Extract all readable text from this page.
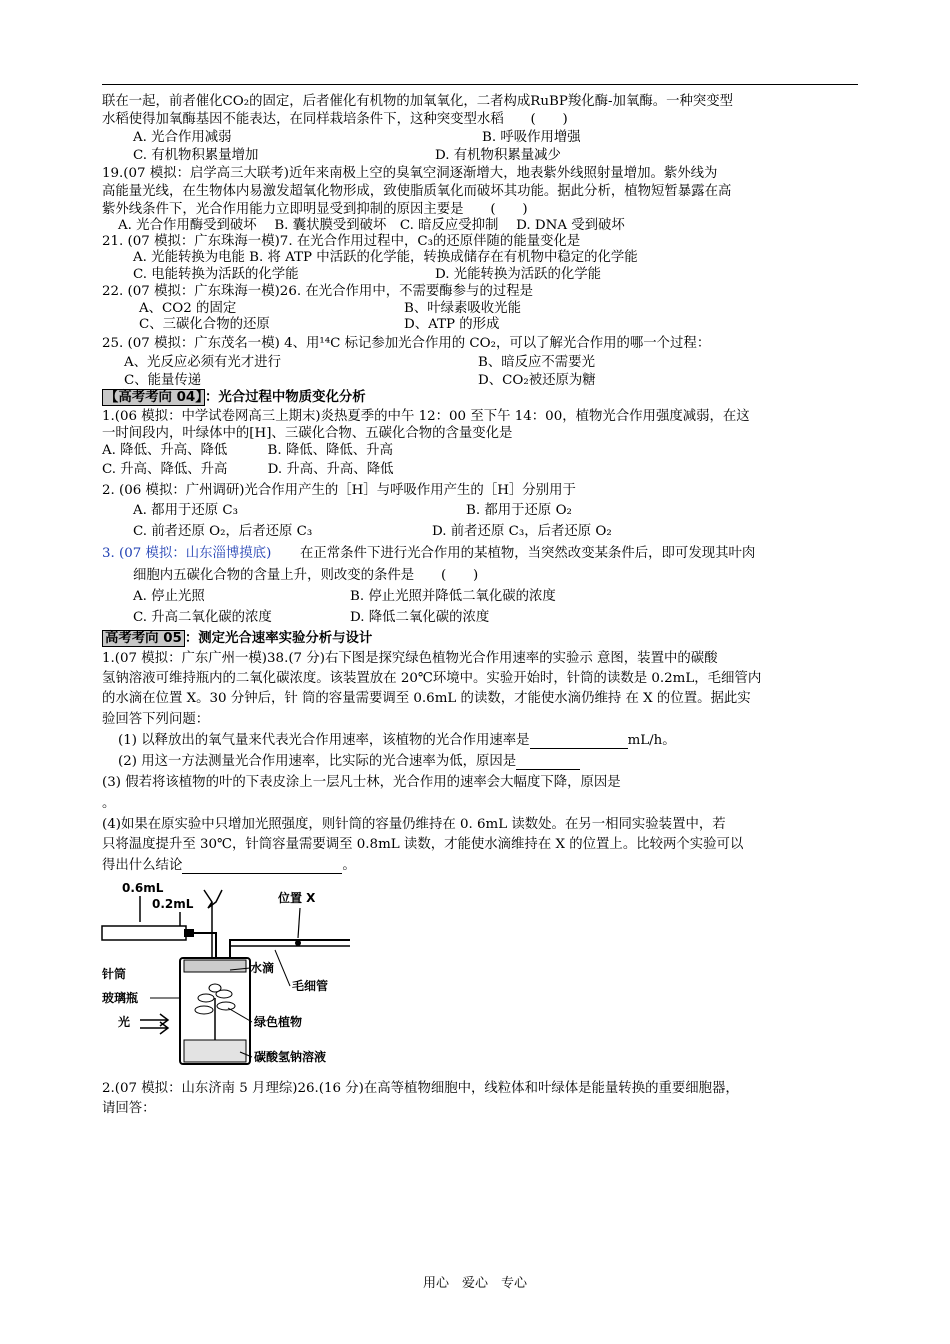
联在一起，前者催化CO₂的固定，后者催化有机物的加氧氧化，二者构成RuBP羧化酶-加氧酶。一种突变型
水稻使得加氧酶基因不能表达，在同样栽培条件下，这种突变型水稻　　(　　)
A. 光合作用减弱	B. 呼吸作用增强
C. 有机物积累量增加	D. 有机物积累量减少
19.(07 模拟：启学高三大联考)近年来南极上空的臭氧空洞逐渐增大，地表紫外线照射量增加。紫外线为
高能量光线，在生物体内易激发超氧化物形成，致使脂质氧化而破坏其功能。据此分析，植物短暂暴露在高
紫外线条件下，光合作用能力立即明显受到抑制的原因主要是　　(　　)
A. 光合作用酶受到破坏　 B. 囊状膜受到破坏　C. 暗反应受抑制　 D. DNA 受到破坏
21. (07 模拟：广东珠海一模)7. 在光合作用过程中，C₃的还原伴随的能量变化是
A. 光能转换为电能 B. 将 ATP 中活跃的化学能，转换成储存在有机物中稳定的化学能
C. 电能转换为活跃的化学能	D. 光能转换为活跃的化学能
22. (07 模拟：广东珠海一模)26. 在光合作用中，不需要酶参与的过程是
A、CO2 的固定	B、叶绿素吸收光能
C、三碳化合物的还原	D、ATP 的形成
25. (07 模拟：广东茂名一模) 4、用¹⁴C 标记参加光合作用的 CO₂，可以了解光合作用的哪一个过程：
A、光反应必须有光才进行	B、暗反应不需要光
C、能量传递	D、CO₂被还原为糖
1.(06 模拟：中学试卷网高三上期末)炎热夏季的中午 12：00 至下午 14：00，植物光合作用强度减弱，在这
一时间段内，叶绿体中的[H]、三碳化合物、五碳化合物的含量变化是
A. 降低、升高、降低　　　B. 降低、降低、升高
C. 升高、降低、升高　　　D. 升高、升高、降低
2. (06 模拟：广州调研)光合作用产生的［H］与呼吸作用产生的［H］分别用于
A. 都用于还原 C₃	B. 都用于还原 O₂
C. 前者还原 O₂，后者还原 C₃	D. 前者还原 C₃，后者还原 O₂
在正常条件下进行光合作用的某植物，当突然改变某条件后，即可发现其叶肉
细胞内五碳化合物的含量上升，则改变的条件是　　(　　)
A. 停止光照	B. 停止光照并降低二氧化碳的浓度
C. 升高二氧化碳的浓度	D. 降低二氧化碳的浓度
1.(07 模拟：广东广州一模)38.(7 分)右下图是探究绿色植物光合作用速率的实验示 意图，装置中的碳酸
氢钠溶液可维持瓶内的二氧化碳浓度。该装置放在 20℃环境中。实验开始时，针筒的读数是 0.2mL，毛细管内
的水滴在位置 X。30 分钟后，针 筒的容量需要调至 0.6mL 的读数，才能使水滴仍维持 在 X 的位置。据此实
验回答下列问题：
(3) 假若将该植物的叶的下表皮涂上一层凡士林，光合作用的速率会大幅度下降，原因是
。
(4)如果在原实验中只增加光照强度，则针筒的容量仍维持在 0. 6mL 读数处。在另一相同实验装置中，若
只将温度提升至 30℃，针筒容量需要调至 0.8mL 读数，才能使水滴维持在 X 的位置上。比较两个实验可以
2.(07 模拟：山东济南 5 月理综)26.(16 分)在高等植物细胞中，线粒体和叶绿体是能量转换的重要细胞器，
请回答：
【高考考向 04】 ：光合过程中物质变化分析
3. (07 模拟：山东淄博摸底)
高考考向 05 ：测定光合速率实验分析与设计
(1) 以释放出的氧气量来代表光合作用速率，该植物的光合作用速率是	mL/h。
(2) 用这一方法测量光合作用速率，比实际的光合速率为低，原因是
得出什么结论	。
0.6mL
0.2mL	位置 X
针筒	水滴
毛细管
玻璃瓶
光	绿色植物
碳酸氢钠溶液
用心　爱心　专心
